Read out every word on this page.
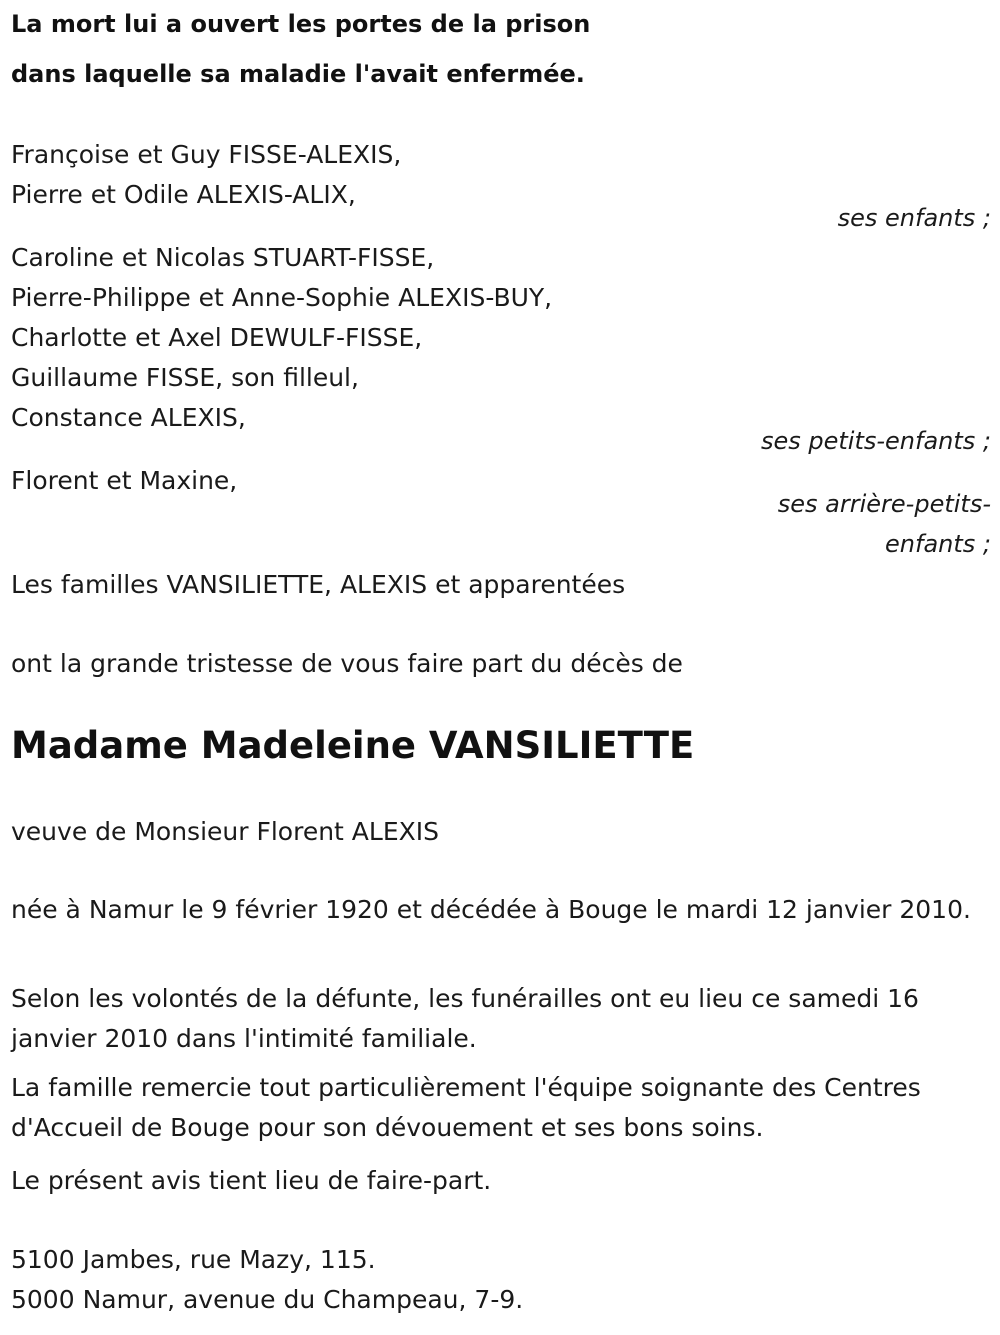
La mort lui a ouvert les portes de la prison
dans laquelle sa maladie l'avait enfermée.
Françoise et Guy FISSE-ALEXIS,
Pierre et Odile ALEXIS-ALIX,
ses enfants ;
Caroline et Nicolas STUART-FISSE,
Pierre-Philippe et Anne-Sophie ALEXIS-BUY,
Charlotte et Axel DEWULF-FISSE,
Guillaume FISSE, son filleul,
Constance ALEXIS,
ses petits-enfants ;
Florent et Maxine,
ses arrière-petits-
enfants ;
Les familles VANSILIETTE, ALEXIS et apparentées
ont la grande tristesse de vous faire part du décès de
Madame Madeleine VANSILIETTE
veuve de Monsieur Florent ALEXIS
née à Namur le 9 février 1920 et décédée à Bouge le mardi 12 janvier 2010.
Selon les volontés de la défunte, les funérailles ont eu lieu ce samedi 16 janvier 2010 dans l'intimité familiale.
La famille remercie tout particulièrement l'équipe soignante des Centres d'Accueil de Bouge pour son dévouement et ses bons soins.
Le présent avis tient lieu de faire-part.
5100 Jambes, rue Mazy, 115.
5000 Namur, avenue du Champeau, 7-9.
